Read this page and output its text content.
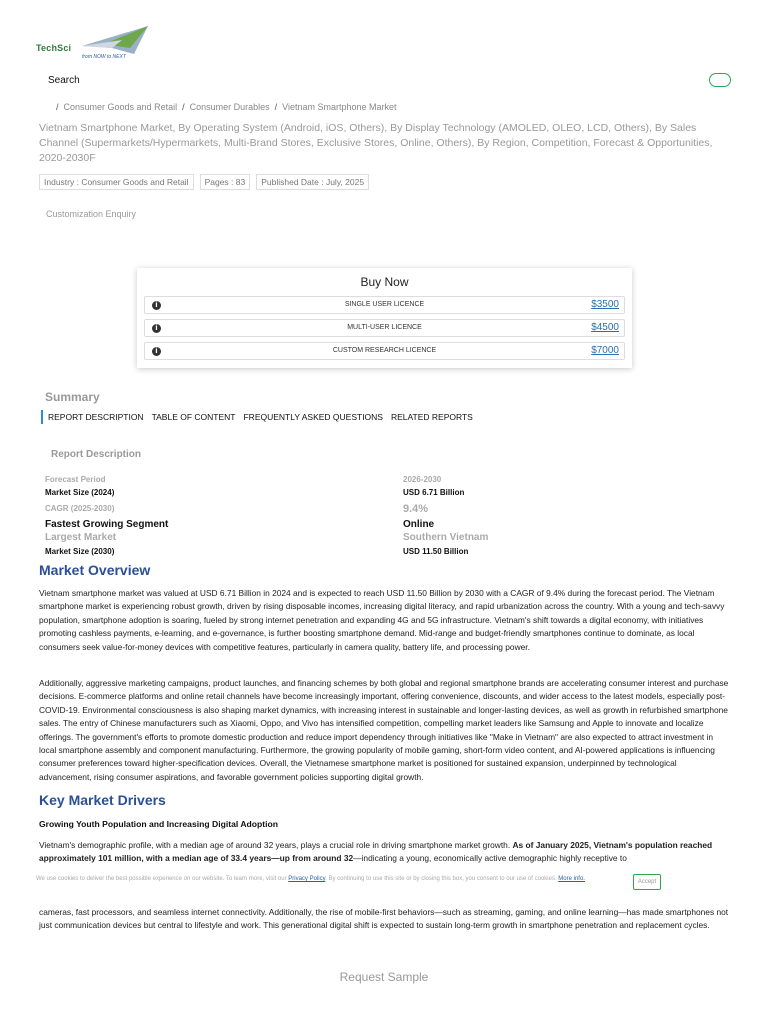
TechSci
from NOW to NEXT
Search
/ Consumer Goods and Retail / Consumer Durables / Vietnam Smartphone Market
Vietnam Smartphone Market, By Operating System (Android, iOS, Others), By Display Technology (AMOLED, OLEO, LCD, Others), By Sales Channel (Supermarkets/Hypermarkets, Multi-Brand Stores, Exclusive Stores, Online, Others), By Region, Competition, Forecast & Opportunities, 2020-2030F
Industry : Consumer Goods and Retail	Pages : 83	Published Date : July, 2025
Customization Enquiry
Buy Now
i	SINGLE USER LICENCE	$3500
i	MULTI-USER LICENCE	$4500
i	CUSTOM RESEARCH LICENCE	$7000
Summary
REPORT DESCRIPTION TABLE OF CONTENT FREQUENTLY ASKED QUESTIONS RELATED REPORTS
Report Description
Forecast Period	2026-2030
Market Size (2024)	USD 6.71 Billion
CAGR (2025-2030)	9.4%
Fastest Growing Segment	Online
Largest Market	Southern Vietnam
Market Size (2030)	USD 11.50 Billion
Market Overview

Vietnam smartphone market was valued at USD 6.71 Billion in 2024 and is expected to reach USD 11.50 Billion by 2030 with a CAGR of 9.4% during the forecast period. The Vietnam smartphone market is experiencing robust growth, driven by rising disposable incomes, increasing digital literacy, and rapid urbanization across the country. With a young and tech-savvy population, smartphone adoption is soaring, fueled by strong internet penetration and expanding 4G and 5G infrastructure. Vietnam's shift towards a digital economy, with initiatives promoting cashless payments, e-learning, and e-governance, is further boosting smartphone demand. Mid-range and budget-friendly smartphones continue to dominate, as local consumers seek value-for-money devices with competitive features, particularly in camera quality, battery life, and processing power.

Additionally, aggressive marketing campaigns, product launches, and financing schemes by both global and regional smartphone brands are accelerating consumer interest and purchase decisions. E-commerce platforms and online retail channels have become increasingly important, offering convenience, discounts, and wider access to the latest models, especially post-COVID-19. Environmental consciousness is also shaping market dynamics, with increasing interest in sustainable and longer-lasting devices, as well as growth in refurbished smartphone sales. The entry of Chinese manufacturers such as Xiaomi, Oppo, and Vivo has intensified competition, compelling market leaders like Samsung and Apple to innovate and localize offerings. The government's efforts to promote domestic production and reduce import dependency through initiatives like "Make in Vietnam" are also expected to attract investment in local smartphone assembly and component manufacturing. Furthermore, the growing popularity of mobile gaming, short-form video content, and AI-powered applications is influencing consumer preferences toward higher-specification devices. Overall, the Vietnamese smartphone market is positioned for sustained expansion, underpinned by technological advancement, rising consumer aspirations, and favorable government policies supporting digital growth.

Key Market Drivers
Growing Youth Population and Increasing Digital Adoption

Vietnam's demographic profile, with a median age of around 32 years, plays a crucial role in driving smartphone market growth. As of January 2025, Vietnam's population reached approximately 101 million, with a median age of 33.4 years—up from around 32—indicating a young, economically active demographic highly receptive to

cameras, fast processors, and seamless internet connectivity. Additionally, the rise of mobile-first behaviors—such as streaming, gaming, and online learning—has made smartphones not just communication devices but central to lifestyle and work. This generational digital shift is expected to sustain long-term growth in smartphone penetration and replacement cycles.

We use cookies to deliver the best possible experience on our website. To learn more, visit our Privacy Policy. By continuing to use this site or by closing this box, you consent to our use of cookies. More info.	Accept
Request Sample
